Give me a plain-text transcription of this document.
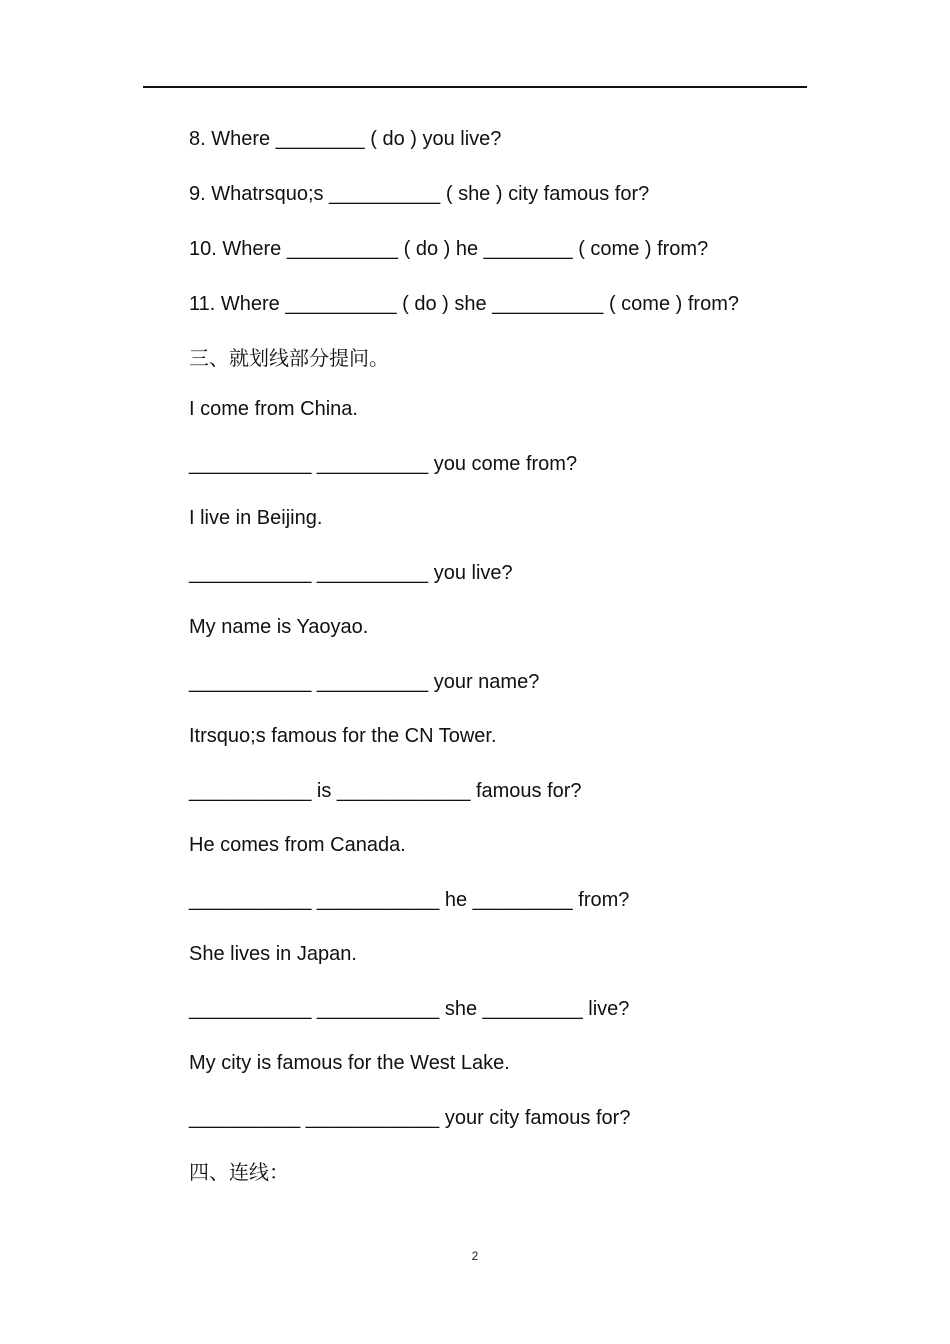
8. Where ________ ( do ) you live?
9. Whatrsquo;s __________ ( she ) city famous for?
10. Where __________ ( do ) he ________ ( come ) from?
11. Where __________ ( do ) she __________ ( come ) from?
三、就划线部分提问。
I come from China.
___________ __________ you come from?
I live in Beijing.
___________ __________ you live?
My name is Yaoyao.
___________ __________ your name?
Itrsquo;s famous for the CN Tower.
___________ is ____________ famous for?
He comes from Canada.
___________ ___________ he _________ from?
She lives in Japan.
___________ ___________ she _________ live?
My city is famous for the West Lake.
__________ ____________ your city famous for?
四、连线：
2
